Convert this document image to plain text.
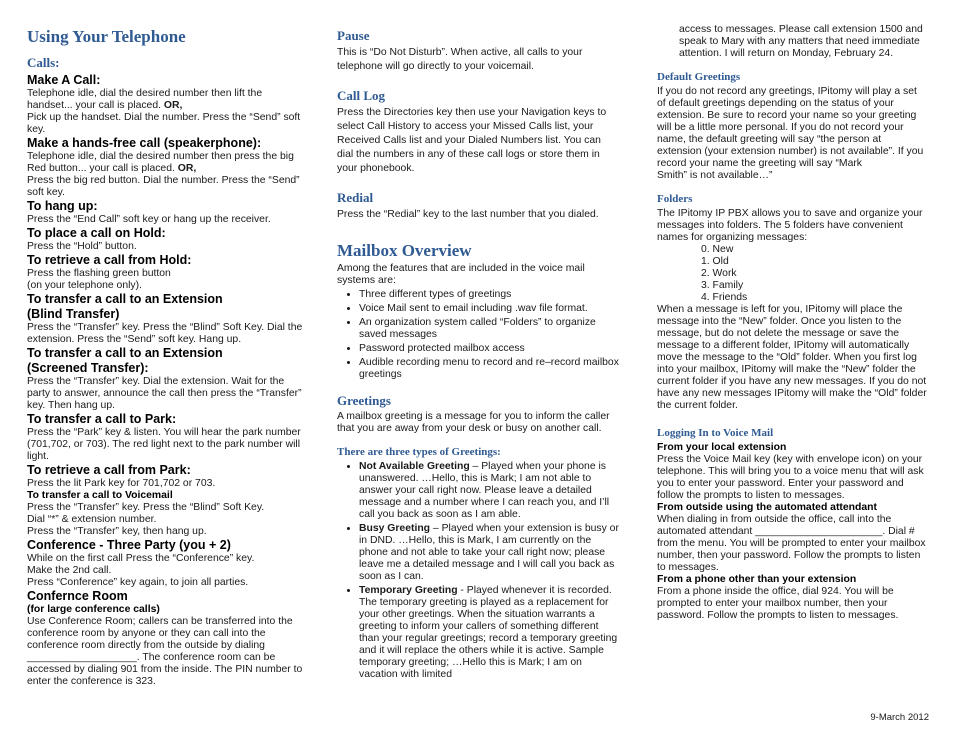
Using Your Telephone
Calls:
Make A Call:

Telephone idle, dial the desired number then lift the handset... your call is placed. OR,

Pick up the handset. Dial the number. Press the “Send” soft key.

Make a hands-free call (speakerphone):

Telephone idle, dial the desired number then press the big Red button... your call is placed. OR,

Press the big red button. Dial the number. Press the “Send” soft key.

To hang up:

Press the “End Call” soft key or hang up the receiver.

To place a call on Hold:

Press the “Hold” button.

To retrieve a call from Hold:

Press the flashing green button

(on your telephone only).

To transfer a call to an Extension
(Blind Transfer)

Press the “Transfer” key. Press the “Blind” Soft Key. Dial the extension. Press the “Send” soft key. Hang up.

To transfer a call to an Extension
(Screened Transfer):

Press the “Transfer” key. Dial the extension. Wait for the party to answer, announce the call then press the “Transfer” key. Then hang up.

To transfer a call to Park:

Press the “Park” key & listen. You will hear the park number (701,702, or 703). The red light next to the park number will light.

To retrieve a call from Park:

Press the lit Park key for 701,702 or 703.

To transfer a call to Voicemail

Press the “Transfer” key. Press the “Blind” Soft Key.

Dial “*” & extension number.

Press the “Transfer” key, then hang up.

Conference - Three Party (you + 2)

While on the first call Press the “Conference” key.

Make the 2nd call.

Press “Conference” key again, to join all parties.

Confernce Room
(for large conference calls)

Use Conference Room; callers can be transferred into the conference room by anyone or they can call into the conference room directly from the outside by dialing ___________________. The conference room can be accessed by dialing 901 from the inside. The PIN number to enter the conference is 323.

Pause

This is “Do Not Disturb”. When active, all calls to your telephone will go directly to your voicemail.

Call Log

Press the Directories key then use your Navigation keys to select Call History to access your Missed Calls list, your Received Calls list and your Dialed Numbers list. You can dial the numbers in any of these call logs or store them in your phonebook.

Redial

Press the “Redial” key to the last number that you dialed.

Mailbox Overview

Among the features that are included in the voice mail systems are:

• Three different types of greetings
• Voice Mail sent to email including .wav file format.
• An organization system called “Folders” to organize saved messages
• Password protected mailbox access
• Audible recording menu to record and re–record mailbox greetings
Greetings

A mailbox greeting is a message for you to inform the caller that you are away from your desk or busy on another call.

There are three types of Greetings:
• Not Available Greeting – Played when your phone is unanswered. …Hello, this is Mark; I am not able to answer your call right now. Please leave a detailed message and a number where I can reach you, and I’ll call you back as soon as I am able.
• Busy Greeting – Played when your extension is busy or in DND. …Hello, this is Mark, I am currently on the phone and not able to take your call right now; please leave me a detailed message and I will call you back as soon as I can.
• Temporary Greeting - Played whenever it is recorded. The temporary greeting is played as a replacement for your other greetings. When the situation warrants a greeting to inform your callers of something different than your regular greetings; record a temporary greeting and it will replace the others while it is active. Sample temporary greeting; …Hello this is Mark; I am on vacation with limited

access to messages. Please call extension 1500 and speak to Mary with any matters that need immediate attention. I will return on Monday, February 24.

Default Greetings

If you do not record any greetings, IPitomy will play a set of default greetings depending on the status of your extension. Be sure to record your name so your greeting will be a little more personal. If you do not record your name, the default greeting will say “the person at extension (your extension number) is not available”. If you record your name the greeting will say “Mark

Smith” is not available…”

Folders

The IPitomy IP PBX allows you to save and organize your messages into folders. The 5 folders have convenient names for organizing messages:

0. New

1. Old

2. Work

3. Family

4. Friends

When a message is left for you, IPitomy will place the message into the “New” folder. Once you listen to the message, but do not delete the message or save the message to a different folder, IPitomy will automatically move the message to the “Old” folder. When you first log into your mailbox, IPitomy will make the “New” folder the current folder if you have any new messages. If you do not have any new messages IPitomy will make the “Old” folder the current folder.

Logging In to Voice Mail
From your local extension

Press the Voice Mail key (key with envelope icon) on your telephone. This will bring you to a voice menu that will ask you to enter your password. Enter your password and follow the prompts to listen to messages.

From outside using the automated attendant

When dialing in from outside the office, call into the automated attendant ______________________. Dial # from the menu. You will be prompted to enter your mailbox number, then your password. Follow the prompts to listen to messages.

From a phone other than your extension

From a phone inside the office, dial 924. You will be prompted to enter your mailbox number, then your password. Follow the prompts to listen to messages.

9-March 2012
